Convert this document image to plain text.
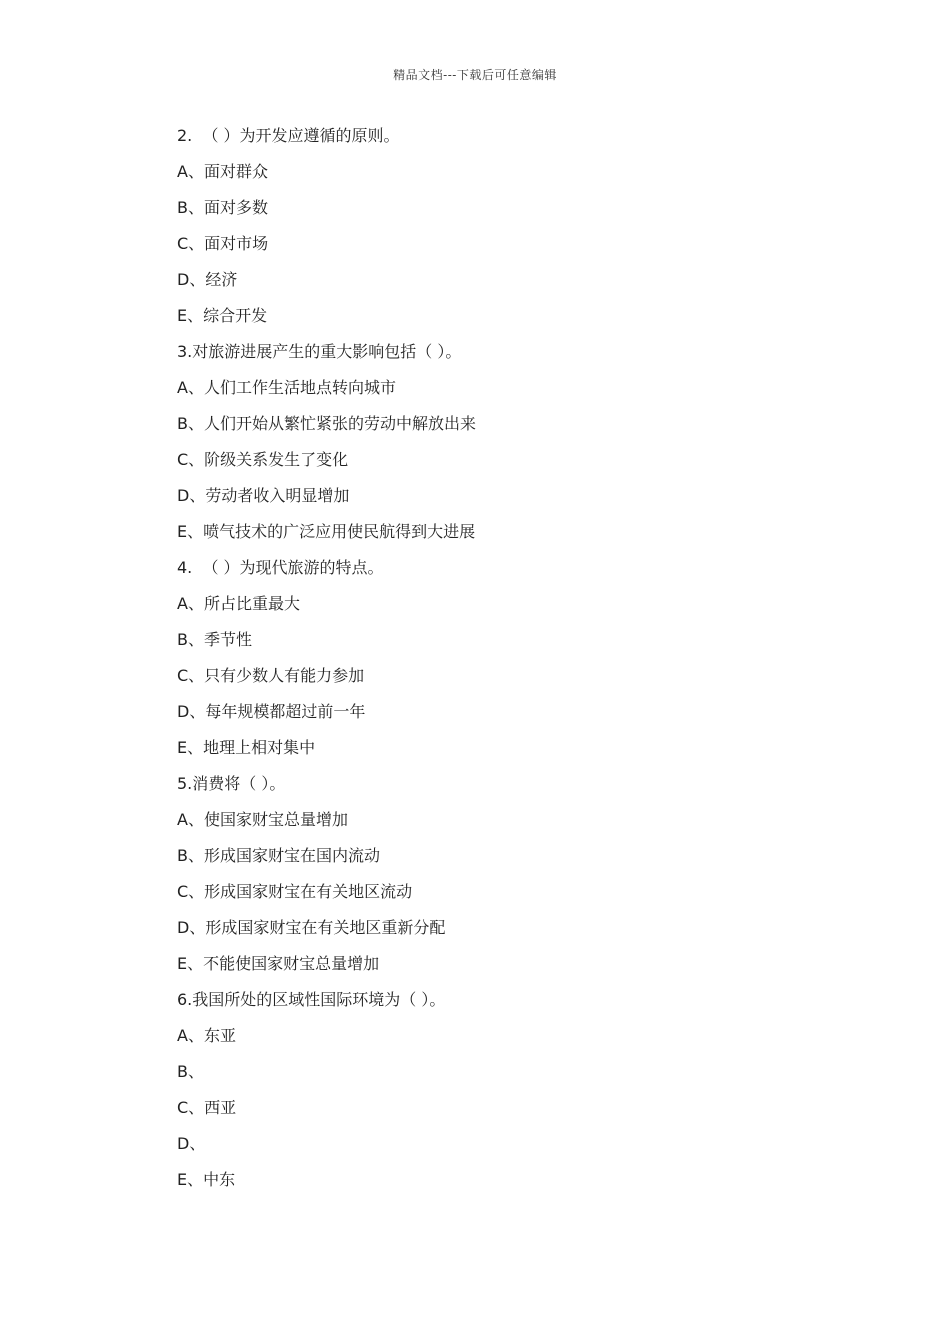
精品文档---下载后可任意编辑
2.  （ ）为开发应遵循的原则。
A、面对群众
B、面对多数
C、面对市场
D、经济
E、综合开发
3.对旅游进展产生的重大影响包括（ ）。
A、人们工作生活地点转向城市
B、人们开始从繁忙紧张的劳动中解放出来
C、阶级关系发生了变化
D、劳动者收入明显增加
E、喷气技术的广泛应用使民航得到大进展
4.  （ ）为现代旅游的特点。
A、所占比重最大
B、季节性
C、只有少数人有能力参加
D、每年规模都超过前一年
E、地理上相对集中
5.消费将（ ）。
A、使国家财宝总量增加
B、形成国家财宝在国内流动
C、形成国家财宝在有关地区流动
D、形成国家财宝在有关地区重新分配
E、不能使国家财宝总量增加
6.我国所处的区域性国际环境为（ ）。
A、东亚
B、
C、西亚
D、
E、中东
